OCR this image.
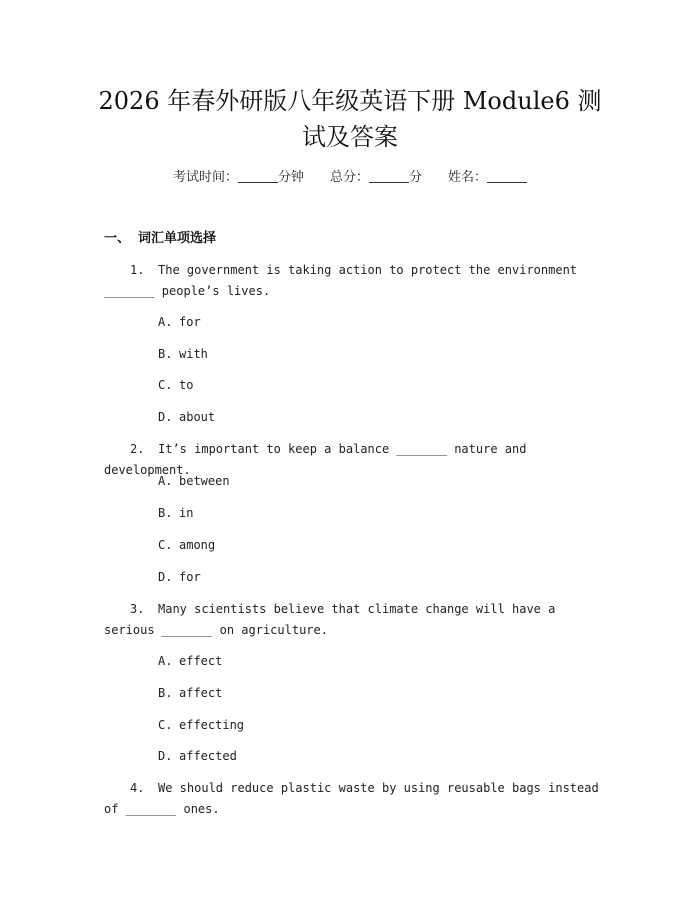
2026 年春外研版八年级英语下册 Module6 测
试及答案
考试时间：	分钟 总分：	分 姓名：
一、 词汇单项选择
1.	The government is taking action to protect the environment _______ people’s lives.
A. for
B. with
C. to
D. about
2.	It’s important to keep a balance _______ nature and development.
A. between
B. in
C. among
D. for
3.	Many scientists believe that climate change will have a serious _______ on agriculture.
A. effect
B. affect
C. effecting
D. affected
4.	We should reduce plastic waste by using reusable bags instead of _______ ones.
